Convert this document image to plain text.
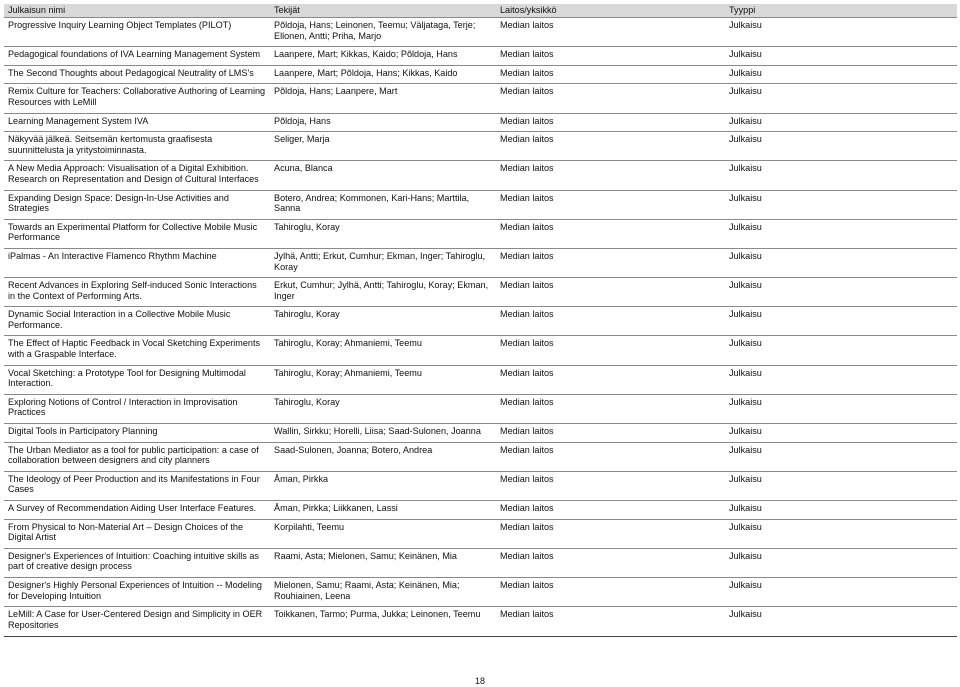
Julkaisun nimi	Tekijät	Laitos/yksikkö	Tyyppi
Progressive Inquiry Learning Object Templates (PILOT)	Põldoja, Hans; Leinonen, Teemu; Väljataga, Terje; Ellonen, Antti; Priha, Marjo	Median laitos	Julkaisu
Pedagogical foundations of IVA Learning Management System	Laanpere, Mart; Kikkas, Kaido; Põldoja, Hans	Median laitos	Julkaisu
The Second Thoughts about Pedagogical Neutrality of LMS's	Laanpere, Mart; Põldoja, Hans; Kikkas, Kaido	Median laitos	Julkaisu
Remix Culture for Teachers: Collaborative Authoring of Learning Resources with LeMill	Põldoja, Hans; Laanpere, Mart	Median laitos	Julkaisu
Learning Management System IVA	Põldoja, Hans	Median laitos	Julkaisu
Näkyvää jälkeä. Seitsemän kertomusta graafisesta suunnittelusta ja yritystoiminnasta.	Seliger, Marja	Median laitos	Julkaisu
A New Media Approach: Visualisation of a Digital Exhibition. Research on Representation and Design of Cultural Interfaces	Acuna, Blanca	Median laitos	Julkaisu
Expanding Design Space: Design-In-Use Activities and Strategies	Botero, Andrea; Kommonen, Kari-Hans; Marttila, Sanna	Median laitos	Julkaisu
Towards an Experimental Platform for Collective Mobile Music Performance	Tahiroglu, Koray	Median laitos	Julkaisu
iPalmas - An Interactive Flamenco Rhythm Machine	Jylhä, Antti; Erkut, Cumhur; Ekman, Inger; Tahiroglu, Koray	Median laitos	Julkaisu
Recent Advances in Exploring Self-induced Sonic Interactions in the Context of Performing Arts.	Erkut, Cumhur; Jylhä, Antti; Tahiroglu, Koray; Ekman, Inger	Median laitos	Julkaisu
Dynamic Social Interaction in a Collective Mobile Music Performance.	Tahiroglu, Koray	Median laitos	Julkaisu
The Effect of Haptic Feedback in Vocal Sketching Experiments with a Graspable Interface.	Tahiroglu, Koray; Ahmaniemi, Teemu	Median laitos	Julkaisu
Vocal Sketching: a Prototype Tool for Designing Multimodal Interaction.	Tahiroglu, Koray; Ahmaniemi, Teemu	Median laitos	Julkaisu
Exploring Notions of Control / Interaction in Improvisation Practices	Tahiroglu, Koray	Median laitos	Julkaisu
Digital Tools in Participatory Planning	Wallin, Sirkku; Horelli, Liisa; Saad-Sulonen, Joanna	Median laitos	Julkaisu
The Urban Mediator as a tool for public participation: a case of collaboration between designers and city planners	Saad-Sulonen, Joanna; Botero, Andrea	Median laitos	Julkaisu
The Ideology of Peer Production and its Manifestations in Four Cases	Åman, Pirkka	Median laitos	Julkaisu
A Survey of Recommendation Aiding User Interface Features.	Åman, Pirkka; Liikkanen, Lassi	Median laitos	Julkaisu
From Physical to Non-Material Art – Design Choices of the Digital Artist	Korpilahti, Teemu	Median laitos	Julkaisu
Designer's Experiences of Intuition: Coaching intuitive skills as part of creative design process	Raami, Asta; Mielonen, Samu; Keinänen, Mia	Median laitos	Julkaisu
Designer's Highly Personal Experiences of Intuition -- Modeling for Developing Intuition	Mielonen, Samu; Raami, Asta; Keinänen, Mia; Rouhiainen, Leena	Median laitos	Julkaisu
LeMill: A Case for User-Centered Design and Simplicity in OER Repositories	Toikkanen, Tarmo; Purma, Jukka; Leinonen, Teemu	Median laitos	Julkaisu
18
